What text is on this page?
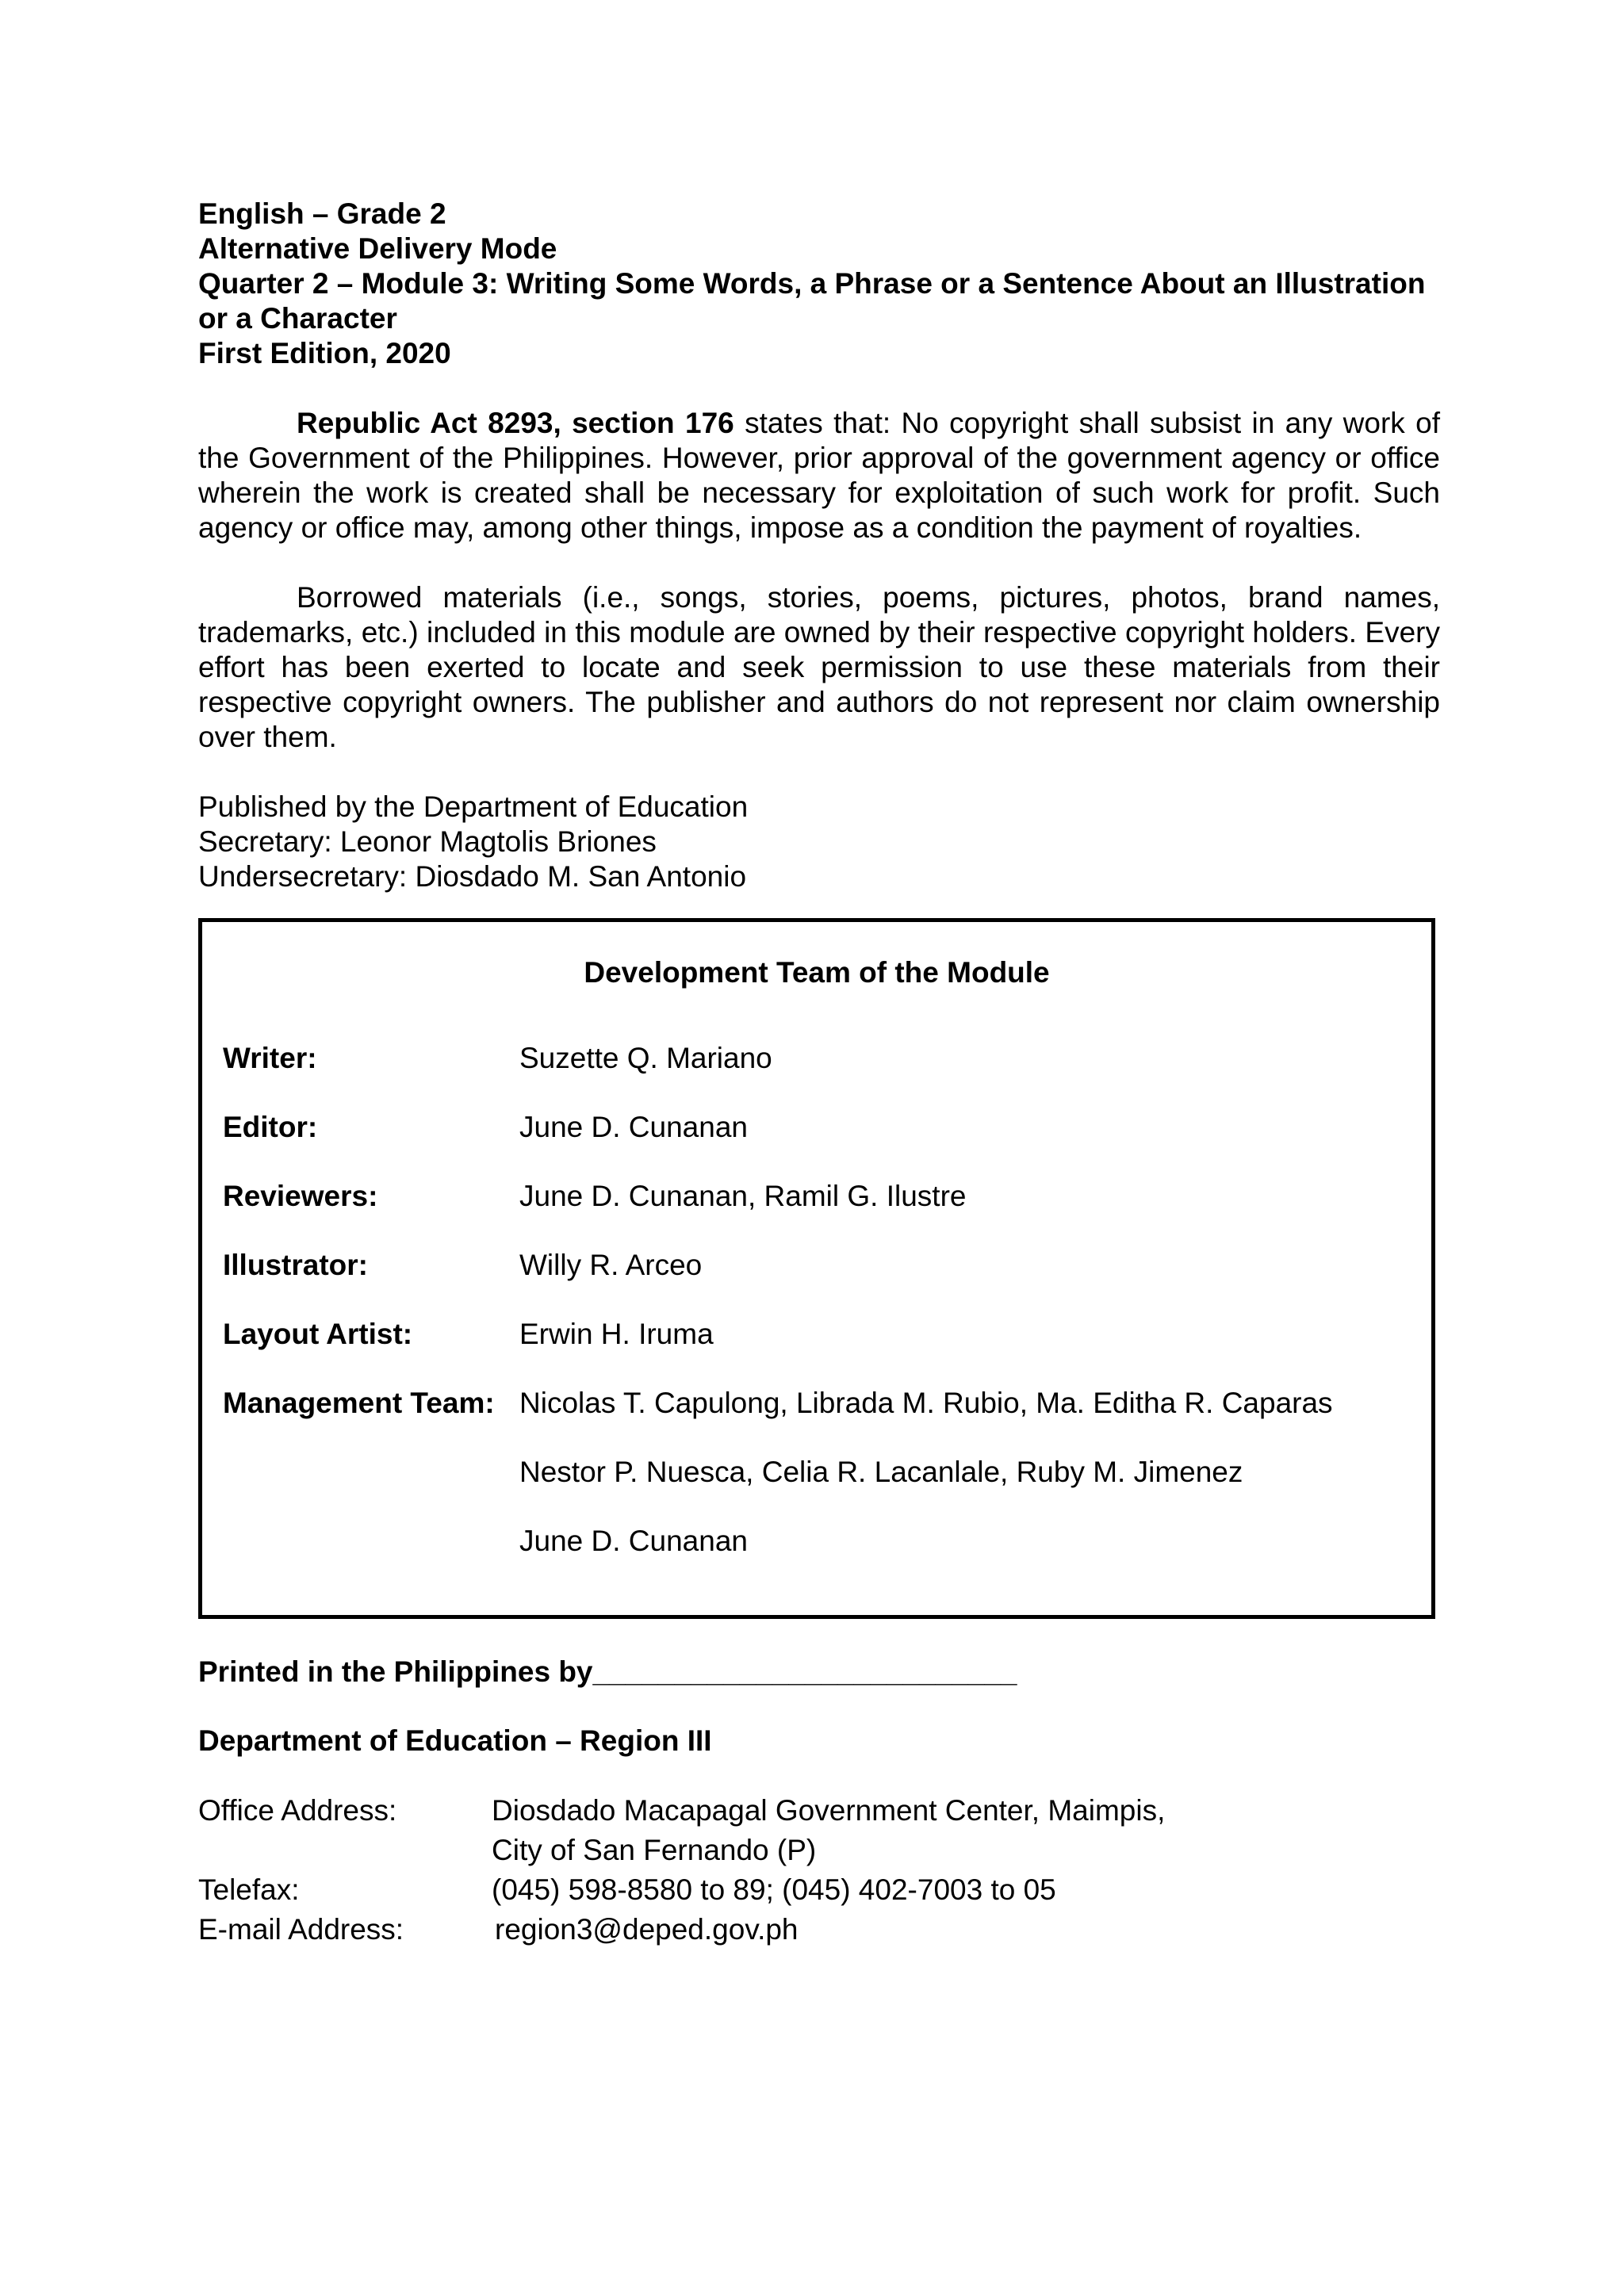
English – Grade 2
Alternative Delivery Mode
Quarter 2 – Module 3: Writing Some Words, a Phrase or a Sentence About an Illustration
or a Character
First Edition, 2020

Republic Act 8293, section 176 states that: No copyright shall subsist in any work of the Government of the Philippines. However, prior approval of the government agency or office wherein the work is created shall be necessary for exploitation of such work for profit. Such agency or office may, among other things, impose as a condition the payment of royalties.

Borrowed materials (i.e., songs, stories, poems, pictures, photos, brand names, trademarks, etc.) included in this module are owned by their respective copyright holders. Every effort has been exerted to locate and seek permission to use these materials from their respective copyright owners. The publisher and authors do not represent nor claim ownership over them.

Published by the Department of Education
Secretary: Leonor Magtolis Briones
Undersecretary: Diosdado M. San Antonio
Development Team of the Module
Writer:	Suzette Q. Mariano
Editor:	June D. Cunanan
Reviewers:	June D. Cunanan, Ramil G. Ilustre
Illustrator:	Willy R. Arceo
Layout Artist:	Erwin H. Iruma
Management Team: Nicolas T. Capulong, Librada M. Rubio, Ma. Editha R. Caparas
Nestor P. Nuesca, Celia R. Lacanlale, Ruby M. Jimenez
June D. Cunanan
Printed in the Philippines by__________________________
Department of Education – Region III
Office Address:	Diosdado Macapagal Government Center, Maimpis,
City of San Fernando (P)
Telefax:	(045) 598-8580 to 89; (045) 402-7003 to 05
E-mail Address:	region3@deped.gov.ph
